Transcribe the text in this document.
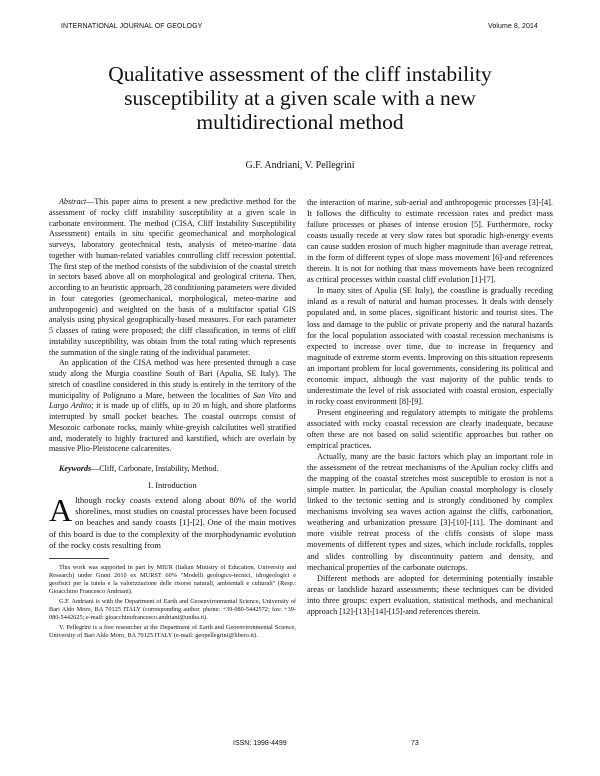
INTERNATIONAL JOURNAL OF GEOLOGY	Volume 8, 2014
Qualitative assessment of the cliff instability susceptibility at a given scale with a new multidirectional method
G.F. Andriani, V. Pellegrini

Abstract—This paper aims to present a new predictive method for the assessment of rocky cliff instability susceptibility at a given scale in carbonate environment. The method (CISA, Cliff Instability Susceptibility Assessment) entails in situ specific geomechanical and morphological surveys, laboratory geotechnical tests, analysis of meteo-marine data together with human-related variables controlling cliff recession potential. The first step of the method consists of the subdivision of the coastal stretch in sectors based above all on morphological and geological criteria. Then, according to an heuristic approach, 28 conditioning parameters were divided in four categories (geomechanical, morphological, meteo-marine and anthropogenic) and weighted on the basis of a multifactor spatial GIS analysis using physical geographically-based measures. For each parameter 5 classes of rating were proposed; the cliff classification, in terms of cliff instability susceptibility, was obtain from the total rating which represents the summation of the single rating of the individual parameter.

An application of the CISA method was here presented through a case study along the Murgia coastline South of Bari (Apulia, SE Italy). The stretch of coastline considered in this study is entirely in the territory of the municipality of Polignano a Mare, between the localities of San Vito and Largo Ardito; it is made up of cliffs, up to 20 m high, and shore platforms interrupted by small pocket beaches. The coastal outcrops consist of Mesozoic carbonate rocks, mainly white-greyish calcilutites well stratified and, moderately to highly fractured and karstified, which are overlain by massive Plio-Pleistocene calcarenites.

Keywords—Cliff, Carbonate, Instability, Method.

I. Introduction

Although rocky coasts extend along about 80% of the world shorelines, most studies on coastal processes have been focused on beaches and sandy coasts [1]-[2]. One of the main motives of this board is due to the complexity of the morphodynamic evolution of the rocky costs resulting from

This work was supported in part by MIUR (Italian Ministry of Education, University and Research) under Grant 2010 ex MURST 60% "Modelli geologico-tecnici, idrogeologici e geofisici per la tutela e la valorizzazione delle risorse naturali, ambientali e culturali" (Resp.: Gioacchino Francesco Andriani).

G.F. Andriani is with the Department of Earth and Geoenvironmental Science, University of Bari Aldo Moro, BA 70125 ITALY (corresponding author. phone: +39-080-5442572; fax: +39-080-5442625; e-mail: gioacchinofrancesco.andriani@uniba.it).

V. Pellegrini is a free researcher at the Department of Earth and Geoenvironmental Science, University of Bari Aldo Moro, BA 70125 ITALY (e-mail: geopellegrini@libero.it).

the interaction of marine, sub-aerial and anthropogenic processes [3]-[4]. It follows the difficulty to estimate recession rates and predict mass failure processes or phases of intense erosion [5]. Furthermore, rocky coasts usually recede at very slow rates but sporadic high-energy events can cause sudden erosion of much higher magnitude than average retreat, in the form of different types of slope mass movement [6]-and references therein. It is not for nothing that mass movements have been recognized as critical processes within coastal cliff evolution [1]-[7].

In many sites of Apulia (SE Italy), the coastline is gradually receding inland as a result of natural and human processes. It deals with densely populated and, in some places, significant historic and tourist sites. The loss and damage to the public or private property and the natural hazards for the local population associated with coastal recession mechanisms is expected to increase over time, due to increase in frequency and magnitude of extreme storm events. Improving on this situation represents an important problem for local governments, considering its political and economic impact, although the vast majority of the public tends to underestimate the level of risk associated with coastal erosion, especially in rocky coast environment [8]-[9].

Present engineering and regulatory attempts to mitigate the problems associated with rocky coastal recession are clearly inadequate, because often these are not based on solid scientific approaches but rather on empirical practices.

Actually, many are the basic factors which play an important role in the assessment of the retreat mechanisms of the Apulian rocky cliffs and the mapping of the coastal stretches most susceptible to erosion is not a simple matter. In particular, the Apulian coastal morphology is closely linked to the tectonic setting and is strongly conditioned by complex mechanisms involving sea waves action against the cliffs, carbonation, weathering and urbanization pressure [3]-[10]-[11]. The dominant and more visible retreat process of the cliffs consists of slope mass movements of different types and sizes, which include rockfalls, topples and slides controlling by discontinuity pattern and density, and mechanical properties of the carbonate outcrops.

Different methods are adopted for determining potentially instable areas or landslide hazard assessments; these techniques can be divided into three groups: expert evaluation, statistical methods, and mechanical approach [12]-[13]-[14]-[15]-and references therein.

ISSN: 1998-4499	73
